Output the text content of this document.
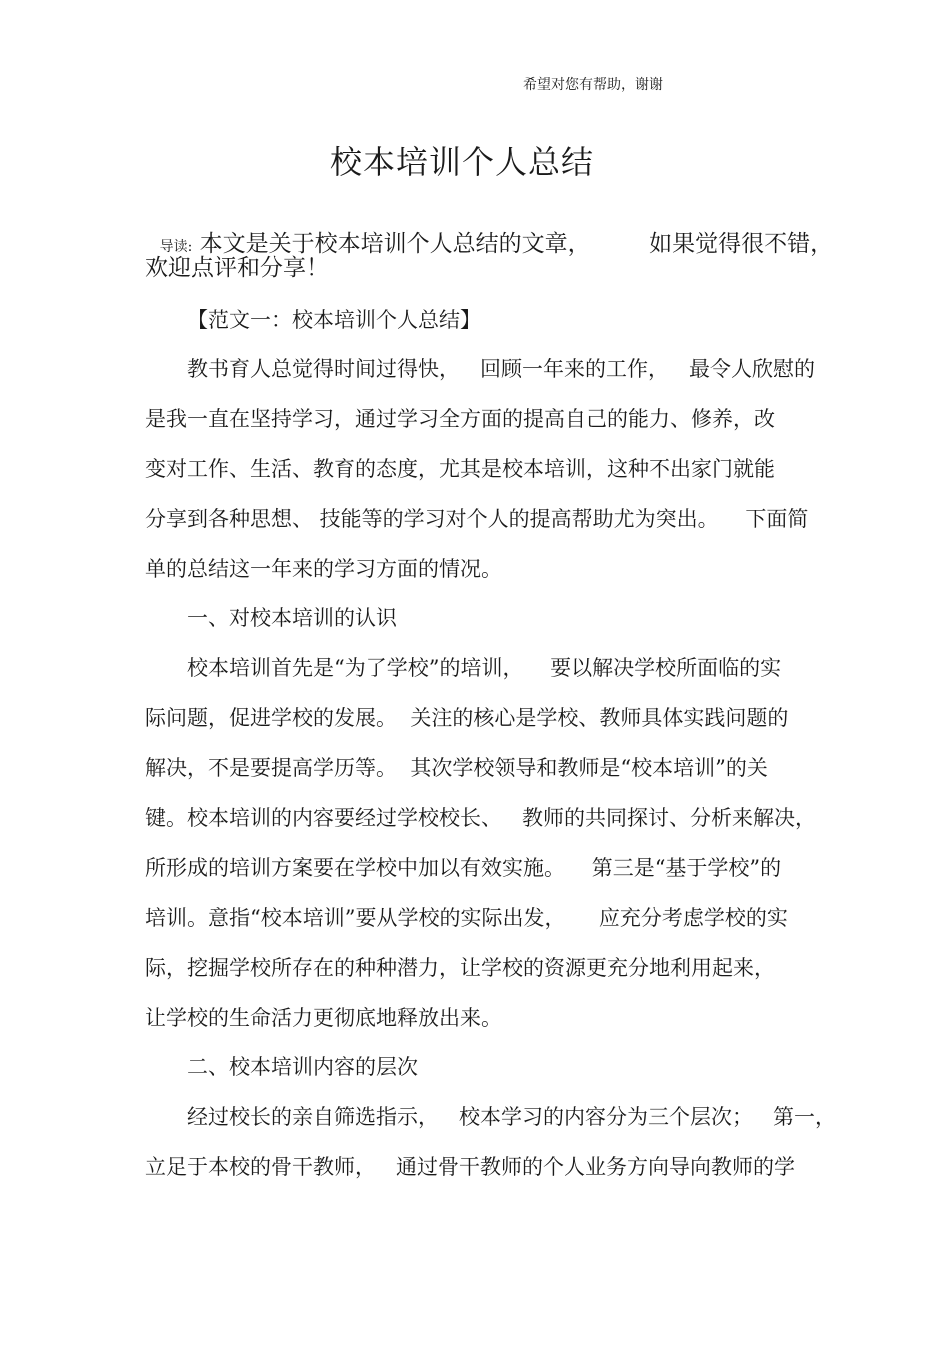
希望对您有帮助，谢谢
校本培训个人总结

导读: 本文是关于校本培训个人总结的文章，        如果觉得很不错，

欢迎点评和分享！
【范文一：校本培训个人总结】
教书育人总觉得时间过得快，   回顾一年来的工作，   最令人欣慰的
是我一直在坚持学习，通过学习全方面的提高自己的能力、修养，改
变对工作、生活、教育的态度，尤其是校本培训，这种不出家门就能
分享到各种思想、 技能等的学习对个人的提高帮助尤为突出。    下面简
单的总结这一年来的学习方面的情况。
一、对校本培训的认识
校本培训首先是“为了学校”的培训，    要以解决学校所面临的实
际问题，促进学校的发展。  关注的核心是学校、教师具体实践问题的
解决，不是要提高学历等。  其次学校领导和教师是“校本培训”的关
键。校本培训的内容要经过学校校长、   教师的共同探讨、分析来解决，
所形成的培训方案要在学校中加以有效实施。    第三是“基于学校”的
培训。意指“校本培训”要从学校的实际出发，     应充分考虑学校的实
际，挖掘学校所存在的种种潜力，让学校的资源更充分地利用起来，
让学校的生命活力更彻底地释放出来。
二、校本培训内容的层次
经过校长的亲自筛选指示，   校本学习的内容分为三个层次；   第一，
立足于本校的骨干教师，   通过骨干教师的个人业务方向导向教师的学
